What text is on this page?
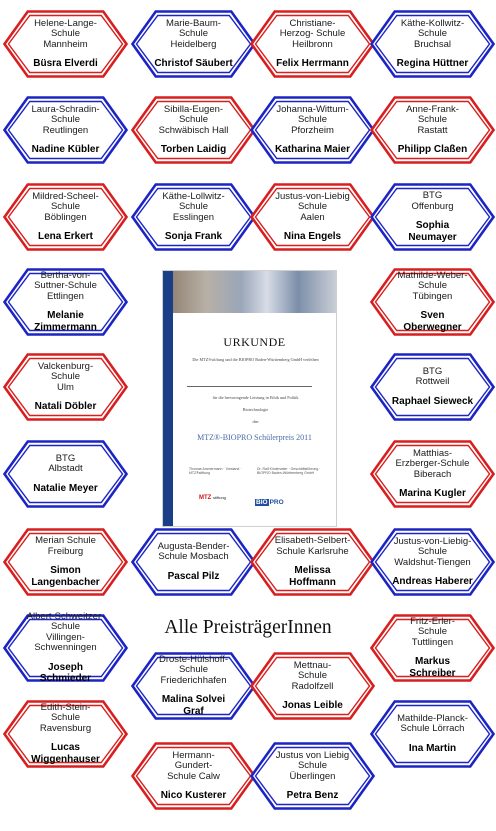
URKUNDE
Die MTZ®stiftung und die BIOPRO Baden-Württemberg GmbH verleihen
für die hervorragende Leistung in Ethik und Politik
Biotechnologie
den
MTZ®-BIOPRO Schülerpreis 2011
Thomas Ammermann · Vorstand · MTZ®stiftung
Dr. Ralf Kindervater · Geschäftsführung · BIOPRO Baden-Württemberg GmbH
MTZ stiftung
BIO PRO
Alle PreisträgerInnen
Helene-Lange-
Schule
Mannheim
Büsra Elverdi
Marie-Baum-
Schule
Heidelberg
Christof Säubert
Christiane-
Herzog- Schule
Heilbronn
Felix Herrmann
Käthe-Kollwitz-
Schule
Bruchsal
Regina Hüttner
Laura-Schradin-
Schule
Reutlingen
Nadine Kübler
Sibilla-Eugen-
Schule
Schwäbisch Hall
Torben Laidig
Johanna-Wittum-
Schule
Pforzheim
Katharina Maier
Anne-Frank-
Schule
Rastatt
Philipp Claßen
Mildred-Scheel-
Schule
Böblingen
Lena Erkert
Käthe-Lollwitz-
Schule
Esslingen
Sonja Frank
Justus-von-Liebig
Schule
Aalen
Nina Engels
BTG
Offenburg
Sophia
Neumayer
Bertha-von-
Suttner-Schule
Ettlingen
Melanie
Zimmermann
Mathilde-Weber-
Schule
Tübingen
Sven
Oberwegner
Valckenburg-
Schule
Ulm
Natali Döbler
BTG
Rottweil
Raphael Sieweck
BTG
Albstadt
Natalie Meyer
Matthias-
Erzberger-Schule
Biberach
Marina Kugler
Merian Schule
Freiburg
Simon
Langenbacher
Augusta-Bender-
Schule Mosbach
Pascal Pilz
Elisabeth-Selbert-
Schule Karlsruhe
Melissa
Hoffmann
Justus-von-Liebig-
Schule
Waldshut-Tiengen
Andreas Haberer
Albert-Schweitzer-
Schule
Villingen-
Schwenningen
Joseph
Schmieder
Fritz-Erler-
Schule
Tuttlingen
Markus
Schreiber
Droste-Hülshoff-
Schule
Friederichhafen
Malina Solvei
Graf
Mettnau-
Schule
Radolfzell
Jonas Leible
Edith-Stein-
Schule
Ravensburg
Lucas
Wiggenhauser
Mathilde-Planck-
Schule Lörrach
Ina Martin
Hermann-
Gundert-
Schule Calw
Nico Kusterer
Justus von Liebig
Schule
Überlingen
Petra Benz
